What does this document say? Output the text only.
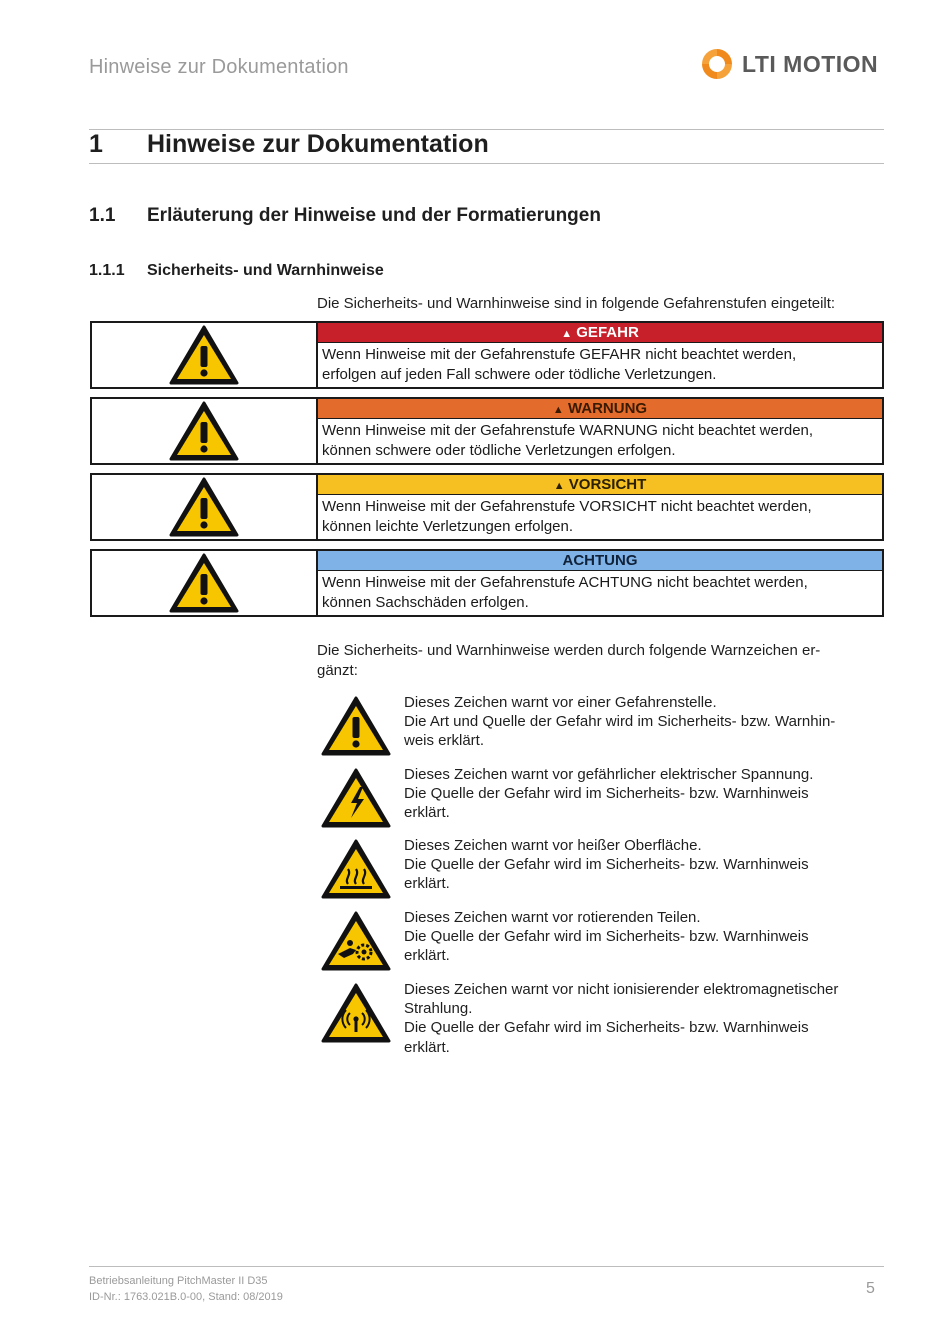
Hinweise zur Dokumentation	LTI MOTION
1 Hinweise zur Dokumentation
1.1 Erläuterung der Hinweise und der Formatierungen
1.1.1 Sicherheits- und Warnhinweise
Die Sicherheits- und Warnhinweise sind in folgende Gefahrenstufen eingeteilt:
▲ GEFAHR
Wenn Hinweise mit der Gefahrenstufe GEFAHR nicht beachtet werden,
erfolgen auf jeden Fall schwere oder tödliche Verletzungen.
▲ WARNUNG
Wenn Hinweise mit der Gefahrenstufe WARNUNG nicht beachtet werden,
können schwere oder tödliche Verletzungen erfolgen.
▲ VORSICHT
Wenn Hinweise mit der Gefahrenstufe VORSICHT nicht beachtet werden,
können leichte Verletzungen erfolgen.
ACHTUNG
Wenn Hinweise mit der Gefahrenstufe ACHTUNG nicht beachtet werden,
können Sachschäden erfolgen.
Die Sicherheits- und Warnhinweise werden durch folgende Warnzeichen er-
gänzt:
Dieses Zeichen warnt vor einer Gefahrenstelle.
Die Art und Quelle der Gefahr wird im Sicherheits- bzw. Warnhin-
weis erklärt.
Dieses Zeichen warnt vor gefährlicher elektrischer Spannung.
Die Quelle der Gefahr wird im Sicherheits- bzw. Warnhinweis
erklärt.
Dieses Zeichen warnt vor heißer Oberfläche.
Die Quelle der Gefahr wird im Sicherheits- bzw. Warnhinweis
erklärt.
Dieses Zeichen warnt vor rotierenden Teilen.
Die Quelle der Gefahr wird im Sicherheits- bzw. Warnhinweis
erklärt.
Dieses Zeichen warnt vor nicht ionisierender elektromagnetischer
Strahlung.
Die Quelle der Gefahr wird im Sicherheits- bzw. Warnhinweis
erklärt.
Betriebsanleitung PitchMaster II D35
ID-Nr.: 1763.021B.0-00, Stand: 08/2019	5
